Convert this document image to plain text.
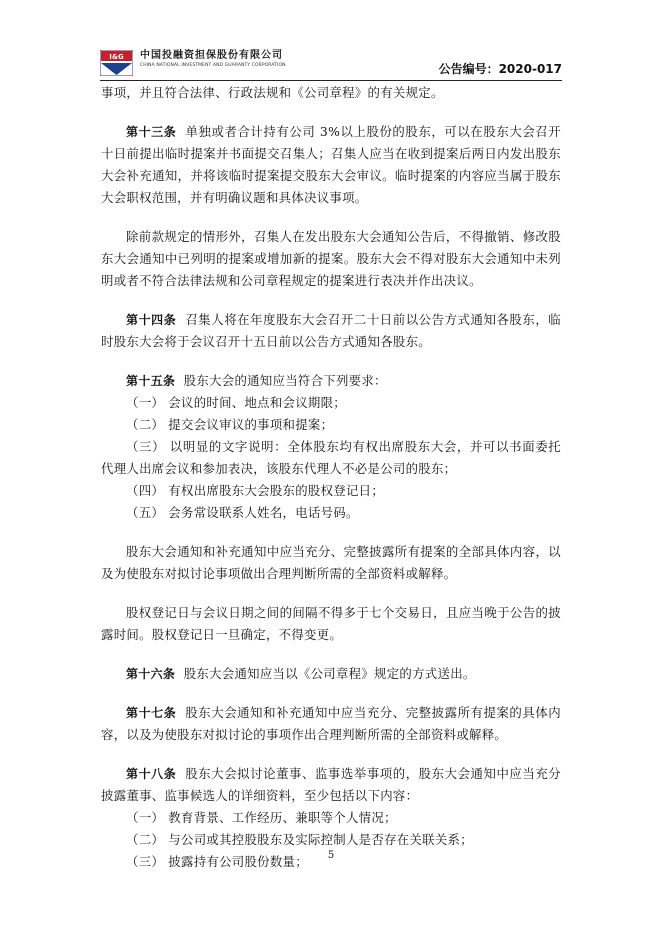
I&G 中国投融资担保股份有限公司
CHINA NATIONAL INVESTMENT AND GUARANTY CORPORATION	公告编号：2020-017

事项，并且符合法律、行政法规和《公司章程》的有关规定。

第十三条 单独或者合计持有公司 3%以上股份的股东，可以在股东大会召开十日前提出临时提案并书面提交召集人；召集人应当在收到提案后两日内发出股东大会补充通知，并将该临时提案提交股东大会审议。临时提案的内容应当属于股东大会职权范围，并有明确议题和具体决议事项。

除前款规定的情形外，召集人在发出股东大会通知公告后，不得撤销、修改股东大会通知中已列明的提案或增加新的提案。股东大会不得对股东大会通知中未列明或者不符合法律法规和公司章程规定的提案进行表决并作出决议。

第十四条 召集人将在年度股东大会召开二十日前以公告方式通知各股东，临时股东大会将于会议召开十五日前以公告方式通知各股东。

第十五条 股东大会的通知应当符合下列要求：

（一） 会议的时间、地点和会议期限；

（二） 提交会议审议的事项和提案；

（三） 以明显的文字说明：全体股东均有权出席股东大会，并可以书面委托代理人出席会议和参加表决，该股东代理人不必是公司的股东；

（四） 有权出席股东大会股东的股权登记日；

（五） 会务常设联系人姓名，电话号码。

股东大会通知和补充通知中应当充分、完整披露所有提案的全部具体内容，以及为使股东对拟讨论事项做出合理判断所需的全部资料或解释。

股权登记日与会议日期之间的间隔不得多于七个交易日，且应当晚于公告的披露时间。股权登记日一旦确定，不得变更。

第十六条 股东大会通知应当以《公司章程》规定的方式送出。

第十七条 股东大会通知和补充通知中应当充分、完整披露所有提案的具体内容，以及为使股东对拟讨论的事项作出合理判断所需的全部资料或解释。

第十八条 股东大会拟讨论董事、监事选举事项的，股东大会通知中应当充分披露董事、监事候选人的详细资料，至少包括以下内容：

（一） 教育背景、工作经历、兼职等个人情况；

（二） 与公司或其控股股东及实际控制人是否存在关联关系；

（三） 披露持有公司股份数量；	5
